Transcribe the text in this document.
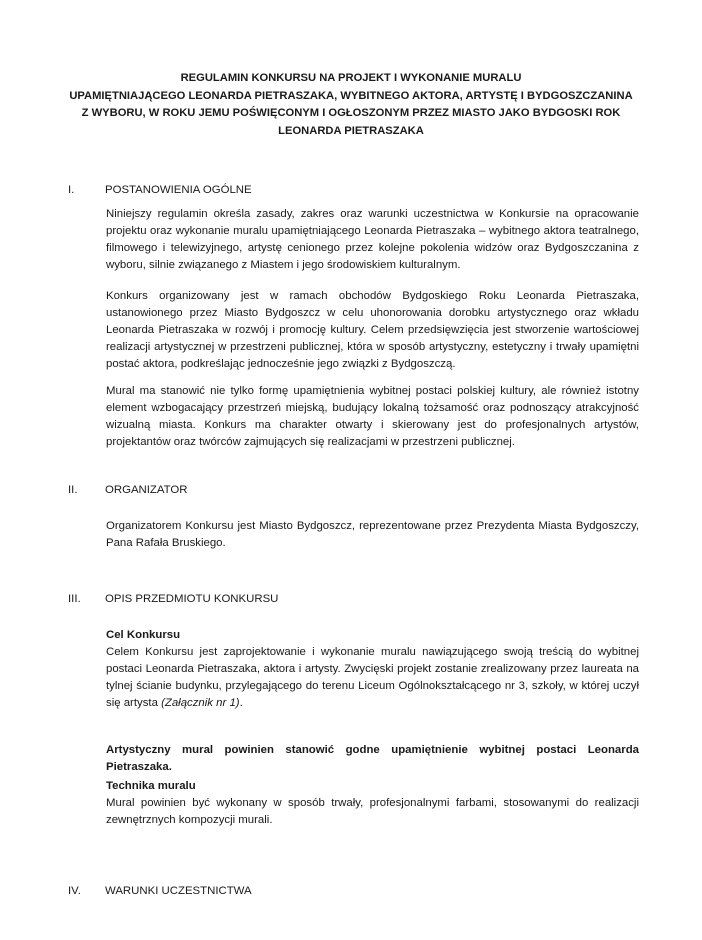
REGULAMIN KONKURSU NA PROJEKT I WYKONANIE MURALU
UPAMIĘTNIAJĄCEGO LEONARDA PIETRASZAKA, WYBITNEGO AKTORA, ARTYSTĘ I BYDGOSZCZANINA
Z WYBORU, W ROKU JEMU POŚWIĘCONYM I OGŁOSZONYM PRZEZ MIASTO JAKO BYDGOSKI ROK
LEONARDA PIETRASZAKA
I.	POSTANOWIENIA OGÓLNE

Niniejszy regulamin określa zasady, zakres oraz warunki uczestnictwa w Konkursie na opracowanie projektu oraz wykonanie muralu upamiętniającego Leonarda Pietraszaka – wybitnego aktora teatralnego, filmowego i telewizyjnego, artystę cenionego przez kolejne pokolenia widzów oraz Bydgoszczanina z wyboru, silnie związanego z Miastem i jego środowiskiem kulturalnym.

Konkurs organizowany jest w ramach obchodów Bydgoskiego Roku Leonarda Pietraszaka, ustanowionego przez Miasto Bydgoszcz w celu uhonorowania dorobku artystycznego oraz wkładu Leonarda Pietraszaka w rozwój i promocję kultury. Celem przedsięwzięcia jest stworzenie wartościowej realizacji artystycznej w przestrzeni publicznej, która w sposób artystyczny, estetyczny i trwały upamiętni postać aktora, podkreślając jednocześnie jego związki z Bydgoszczą.

Mural ma stanowić nie tylko formę upamiętnienia wybitnej postaci polskiej kultury, ale również istotny element wzbogacający przestrzeń miejską, budujący lokalną tożsamość oraz podnoszący atrakcyjność wizualną miasta. Konkurs ma charakter otwarty i skierowany jest do profesjonalnych artystów, projektantów oraz twórców zajmujących się realizacjami w przestrzeni publicznej.

II. ORGANIZATOR

Organizatorem Konkursu jest Miasto Bydgoszcz, reprezentowane przez Prezydenta Miasta Bydgoszczy, Pana Rafała Bruskiego.

III. OPIS PRZEDMIOTU KONKURSU

Cel Konkursu

Celem Konkursu jest zaprojektowanie i wykonanie muralu nawiązującego swoją treścią do wybitnej postaci Leonarda Pietraszaka, aktora i artysty. Zwycięski projekt zostanie zrealizowany przez laureata na tylnej ścianie budynku, przylegającego do terenu Liceum Ogólnokształcącego nr 3, szkoły, w której uczył się artysta (Załącznik nr 1).

Artystyczny mural powinien stanowić godne upamiętnienie wybitnej postaci Leonarda Pietraszaka.

Technika muralu

Mural powinien być wykonany w sposób trwały, profesjonalnymi farbami, stosowanymi do realizacji zewnętrznych kompozycji murali.

IV. WARUNKI UCZESTNICTWA
